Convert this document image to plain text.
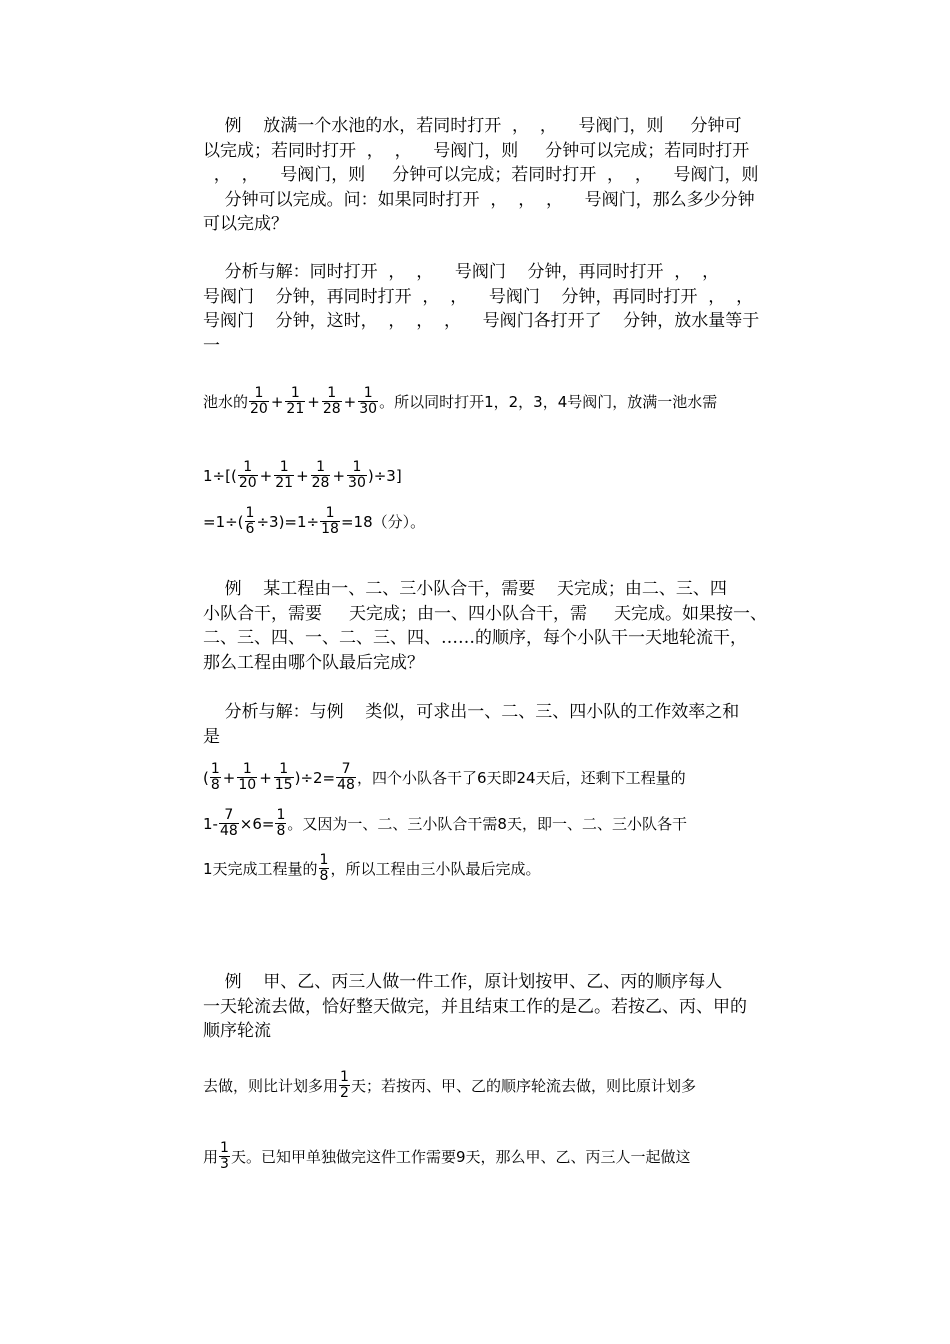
例    放满一个水池的水，若同时打开  ，  ，    号阀门，则     分钟可

以完成；若同时打开  ，  ，    号阀门，则     分钟可以完成；若同时打开

，  ，    号阀门，则     分钟可以完成；若同时打开  ，  ，    号阀门，则

分钟可以完成。问：如果同时打开  ，  ，  ，    号阀门，那么多少分钟

可以完成？

分析与解：同时打开  ，  ，    号阀门    分钟，再同时打开  ，  ，

号阀门    分钟，再同时打开  ，  ，    号阀门    分钟，再同时打开  ，  ，

号阀门    分钟，这时，  ，  ，  ，    号阀门各打开了    分钟，放水量等于

一

池水的 $\frac{1}{20} + \frac{1}{21} + \frac{1}{28} + \frac{1}{30}$ 。所以同时打开1，2，3，4号阀门，放满一池水需
$1\div[( \frac{1}{20} + \frac{1}{21} + \frac{1}{28} + \frac{1}{30} )\div 3]$
$=1\div( \frac{1}{6} \div 3)=1\div \frac{1}{18} =18$（分）。

例    某工程由一、二、三小队合干，需要    天完成；由二、三、四

小队合干，需要     天完成；由一、四小队合干，需     天完成。如果按一、

二、三、四、一、二、三、四、……的顺序，每个小队干一天地轮流干，

那么工程由哪个队最后完成？

分析与解：与例    类似，可求出一、二、三、四小队的工作效率之和

是

( $\frac{1}{8} + \frac{1}{10} + \frac{1}{15} )\div 2= \frac{7}{48}$ ，四个小队各干了6天即24天后，还剩下工程量的
$1- \frac{7}{48} \times 6= \frac{1}{8}$ 。又因为一、二、三小队合干需8天，即一、二、三小队各干
1天完成工程量的 $\frac{1}{8}$ ，所以工程由三小队最后完成。

例    甲、乙、丙三人做一件工作，原计划按甲、乙、丙的顺序每人

一天轮流去做，恰好整天做完，并且结束工作的是乙。若按乙、丙、甲的

顺序轮流

去做，则比计划多用 $\frac{1}{2}$ 天；若按丙、甲、乙的顺序轮流去做，则比原计划多
用 $\frac{1}{3}$ 天。已知甲单独做完这件工作需要9天，那么甲、乙、丙三人一起做这
